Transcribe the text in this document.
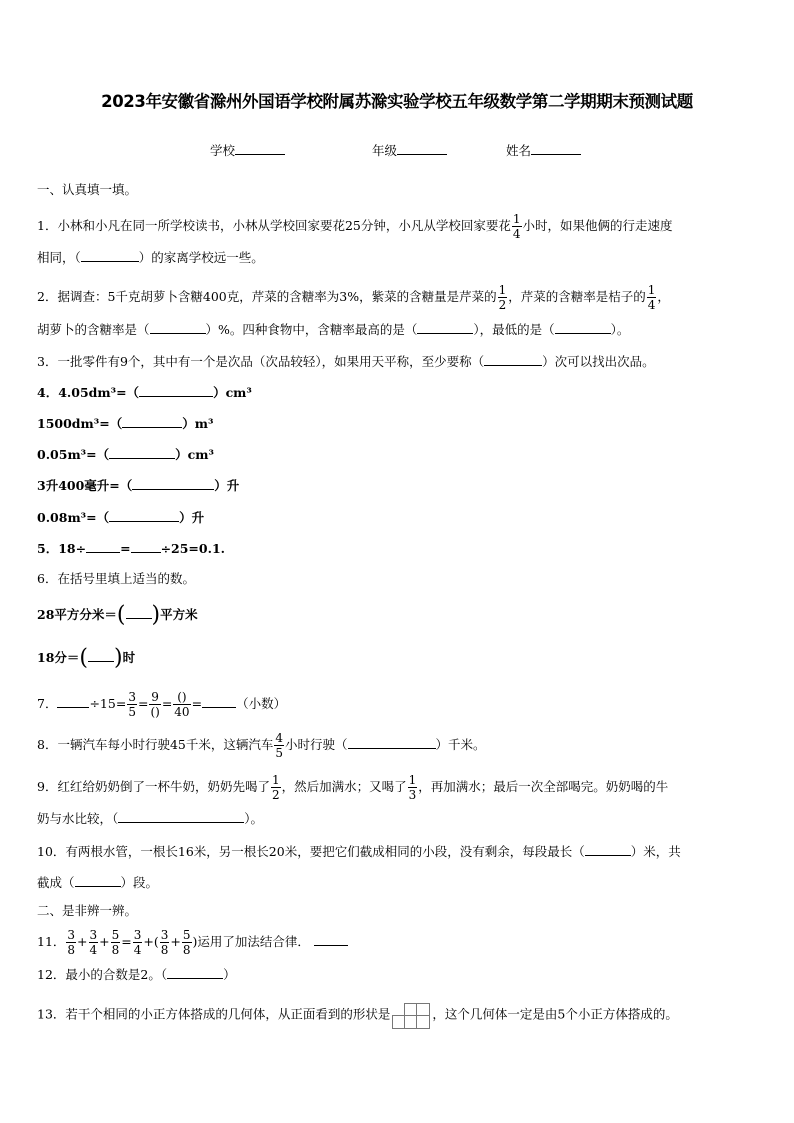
2023年安徽省滁州外国语学校附属苏滁实验学校五年级数学第二学期期末预测试题
学校	年级	姓名
一、认真填一填。
1．小林和小凡在同一所学校读书，小林从学校回家要花25分钟，小凡从学校回家要花 $\frac{1}{4}$ 小时，如果他俩的行走速度
相同，（	）的家离学校远一些。
2．据调查：5千克胡萝卜含糖400克，芹菜的含糖率为3%，紫菜的含糖量是芹菜的 $\frac{1}{2}$ ，芹菜的含糖率是桔子的 $\frac{1}{4}$ ，
胡萝卜的含糖率是（	）%。四种食物中，含糖率最高的是（	），最低的是（	）。
3．一批零件有9个，其中有一个是次品（次品较轻），如果用天平称，至少要称（	）次可以找出次品。
4．4.05dm³=（	）cm³
1500dm³=（	）m³
0.05m³=（	）cm³
3升400毫升=（	）升
0.08m³=（	）升
5．18÷	= ÷25=0.1.
6．在括号里填上适当的数。
28平方分米＝( )平方米
18分＝( )时
7．	$\div 15= \frac{3}{5} = \frac{9}{()} = \frac{()}{40}$ =	（小数）
8．一辆汽车每小时行驶45千米，这辆汽车 $\frac{4}{5}$ 小时行驶（	）千米。
9．红红给奶奶倒了一杯牛奶，奶奶先喝了 $\frac{1}{2}$ ，然后加满水；又喝了 $\frac{1}{3}$ ，再加满水；最后一次全部喝完。奶奶喝的牛
奶与水比较，（	）。
10．有两根水管，一根长16米，另一根长20米，要把它们截成相同的小段，没有剩余，每段最长（	）米，共
截成（	）段。
二、是非辨一辨。
11． $\frac{3}{8} + \frac{3}{4} + \frac{5}{8} = \frac{3}{4}$ +( $\frac{3}{8} + \frac{5}{8}$ )运用了加法结合律．
12．最小的合数是2。（	）
13．若干个相同的小正方体搭成的几何体，从正面看到的形状是	，这个几何体一定是由5个小正方体搭成的。
